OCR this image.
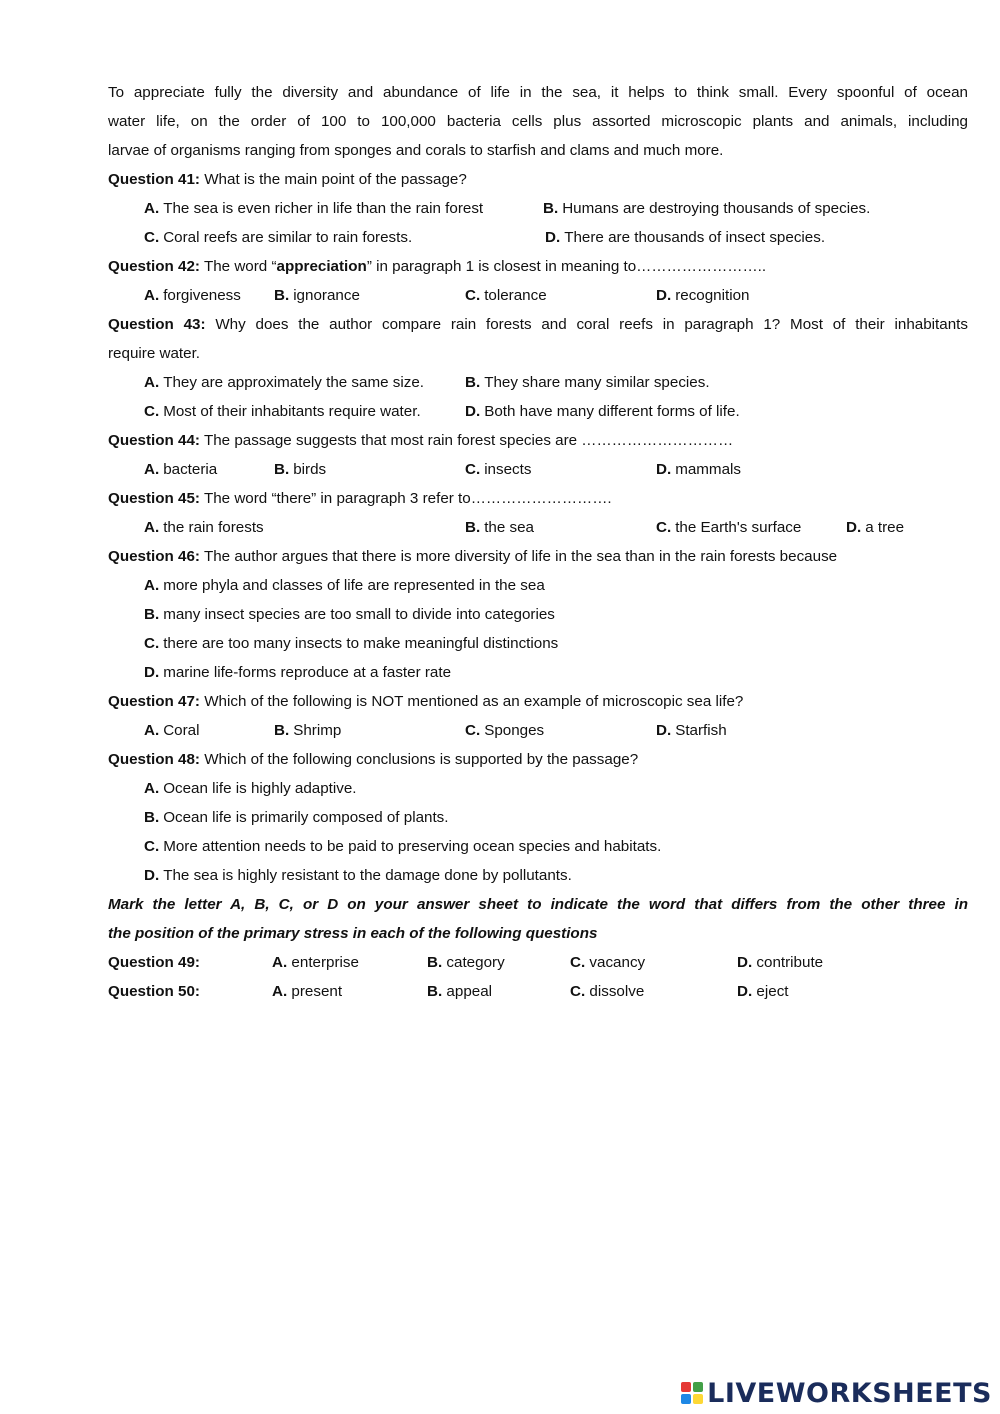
To appreciate fully the diversity and abundance of life in the sea, it helps to think small. Every spoonful of ocean
water life, on the order of 100 to 100,000 bacteria cells plus assorted microscopic plants and animals, including
larvae of organisms ranging from sponges and corals to starfish and clams and much more.
Question 41: What is the main point of the passage?
A. The sea is even richer in life than the rain forest	B. Humans are destroying thousands of species.
C. Coral reefs are similar to rain forests.	D. There are thousands of insect species.
Question 42: The word “appreciation” in paragraph 1 is closest in meaning to……………………..
A. forgiveness B. ignorance	C. tolerance	D. recognition
Question 43: Why does the author compare rain forests and coral reefs in paragraph 1? Most of their inhabitants
require water.
A. They are approximately the same size.	B. They share many similar species.
C. Most of their inhabitants require water.	D. Both have many different forms of life.
Question 44: The passage suggests that most rain forest species are …………………………
A. bacteria	B. birds	C. insects	D. mammals
Question 45: The word “there” in paragraph 3 refer to……………………….
A. the rain forests	B. the sea	C. the Earth's surface	D. a tree
Question 46: The author argues that there is more diversity of life in the sea than in the rain forests because
A. more phyla and classes of life are represented in the sea
B. many insect species are too small to divide into categories
C. there are too many insects to make meaningful distinctions
D. marine life-forms reproduce at a faster rate
Question 47: Which of the following is NOT mentioned as an example of microscopic sea life?
A. Coral	B. Shrimp	C. Sponges	D. Starfish
Question 48: Which of the following conclusions is supported by the passage?
A. Ocean life is highly adaptive.
B. Ocean life is primarily composed of plants.
C. More attention needs to be paid to preserving ocean species and habitats.
D. The sea is highly resistant to the damage done by pollutants.
Mark the letter A, B, C, or D on your answer sheet to indicate the word that differs from the other three in
the position of the primary stress in each of the following questions
Question 49:	A. enterprise	B. category	C. vacancy	D. contribute
Question 50:	A. present	B. appeal	C. dissolve	D. eject
LIVEWORKSHEETS
